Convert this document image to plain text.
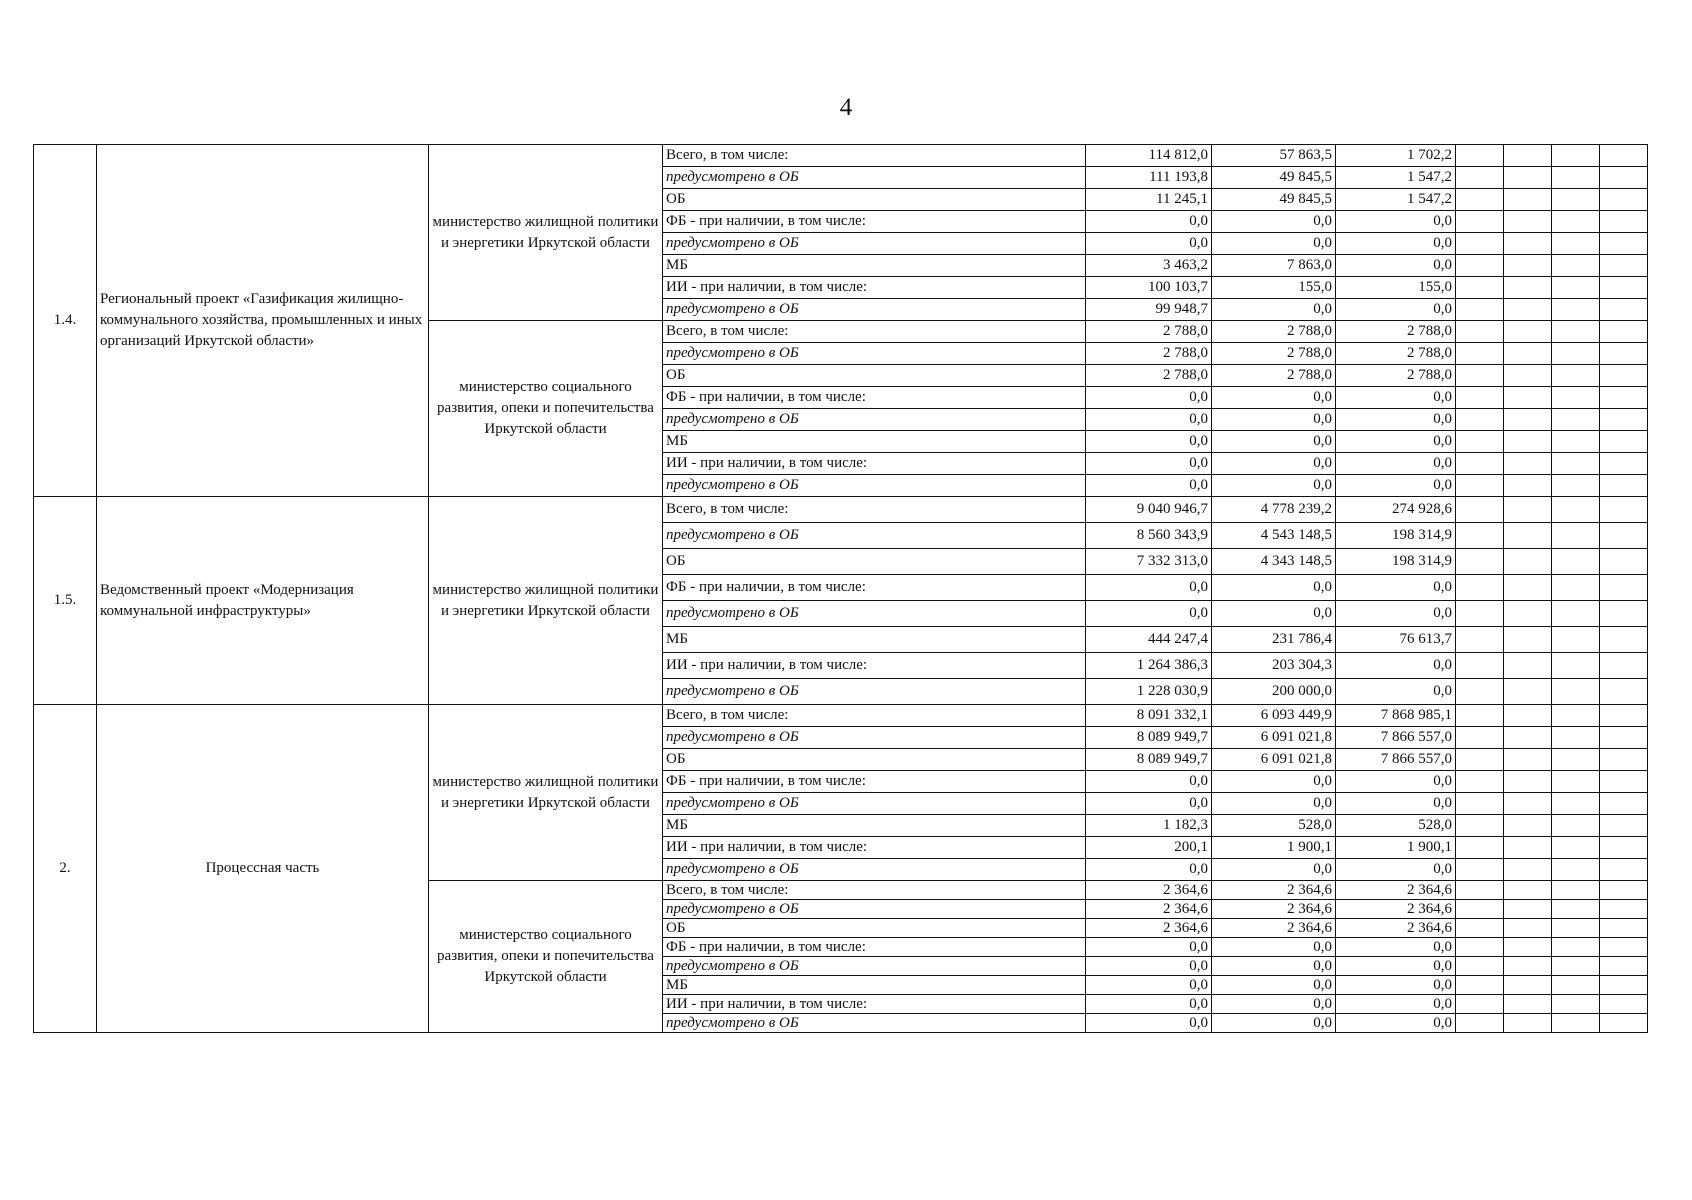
4
1.4.	Региональный проект «Газификация жилищно-коммунального хозяйства, промышленных и иных организаций Иркутской области»	министерство жилищной политики и энергетики Иркутской области	Всего, в том числе:	114 812,0	57 863,5	1 702,2				
			предусмотрено в ОБ	111 193,8	49 845,5	1 547,2				
			ОБ	11 245,1	49 845,5	1 547,2				
			ФБ - при наличии, в том числе:	0,0	0,0	0,0				
			предусмотрено в ОБ	0,0	0,0	0,0				
			МБ	3 463,2	7 863,0	0,0				
			ИИ - при наличии, в том числе:	100 103,7	155,0	155,0				
			предусмотрено в ОБ	99 948,7	0,0	0,0				
		министерство социального развития, опеки и попечительства Иркутской области	Всего, в том числе:	2 788,0	2 788,0	2 788,0				
			предусмотрено в ОБ	2 788,0	2 788,0	2 788,0				
			ОБ	2 788,0	2 788,0	2 788,0				
			ФБ - при наличии, в том числе:	0,0	0,0	0,0				
			предусмотрено в ОБ	0,0	0,0	0,0				
			МБ	0,0	0,0	0,0				
			ИИ - при наличии, в том числе:	0,0	0,0	0,0				
			предусмотрено в ОБ	0,0	0,0	0,0				
1.5.	Ведомственный проект «Модернизация коммунальной инфраструктуры»	министерство жилищной политики и энергетики Иркутской области	Всего, в том числе:	9 040 946,7	4 778 239,2	274 928,6				
			предусмотрено в ОБ	8 560 343,9	4 543 148,5	198 314,9				
			ОБ	7 332 313,0	4 343 148,5	198 314,9				
			ФБ - при наличии, в том числе:	0,0	0,0	0,0				
			предусмотрено в ОБ	0,0	0,0	0,0				
			МБ	444 247,4	231 786,4	76 613,7				
			ИИ - при наличии, в том числе:	1 264 386,3	203 304,3	0,0				
			предусмотрено в ОБ	1 228 030,9	200 000,0	0,0				
2.	Процессная часть	министерство жилищной политики и энергетики Иркутской области	Всего, в том числе:	8 091 332,1	6 093 449,9	7 868 985,1				
			предусмотрено в ОБ	8 089 949,7	6 091 021,8	7 866 557,0				
			ОБ	8 089 949,7	6 091 021,8	7 866 557,0				
			ФБ - при наличии, в том числе:	0,0	0,0	0,0				
			предусмотрено в ОБ	0,0	0,0	0,0				
			МБ	1 182,3	528,0	528,0				
			ИИ - при наличии, в том числе:	200,1	1 900,1	1 900,1				
			предусмотрено в ОБ	0,0	0,0	0,0				
		министерство социального развития, опеки и попечительства Иркутской области	Всего, в том числе:	2 364,6	2 364,6	2 364,6				
			предусмотрено в ОБ	2 364,6	2 364,6	2 364,6				
			ОБ	2 364,6	2 364,6	2 364,6				
			ФБ - при наличии, в том числе:	0,0	0,0	0,0				
			предусмотрено в ОБ	0,0	0,0	0,0				
			МБ	0,0	0,0	0,0				
			ИИ - при наличии, в том числе:	0,0	0,0	0,0				
			предусмотрено в ОБ	0,0	0,0	0,0				
